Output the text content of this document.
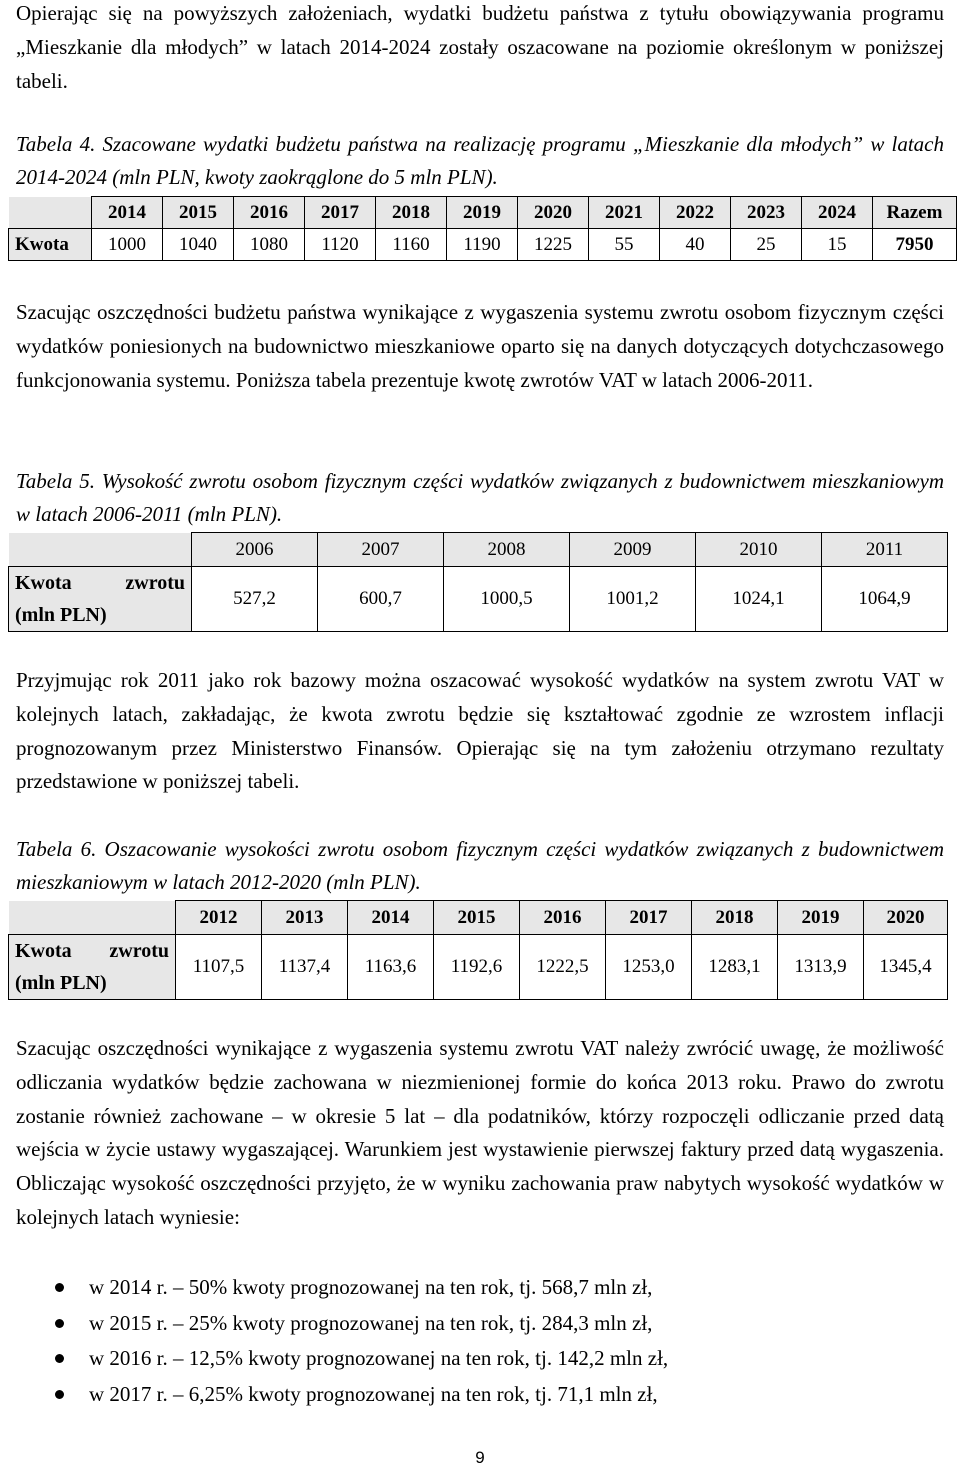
Opierając się na powyższych założeniach, wydatki budżetu państwa z tytułu obowiązywania programu „Mieszkanie dla młodych” w latach 2014-2024 zostały oszacowane na poziomie określonym w poniższej tabeli.

Tabela 4. Szacowane wydatki budżetu państwa na realizację programu „Mieszkanie dla młodych” w latach 2014-2024 (mln PLN, kwoty zaokrąglone do 5 mln PLN).

	2014	2015	2016	2017	2018	2019	2020	2021	2022	2023	2024	Razem
Kwota	1000	1040	1080	1120	1160	1190	1225	55	40	25	15	7950

Szacując oszczędności budżetu państwa wynikające z wygaszenia systemu zwrotu osobom fizycznym części wydatków poniesionych na budownictwo mieszkaniowe oparto się na danych dotyczących dotychczasowego funkcjonowania systemu. Poniższa tabela prezentuje kwotę zwrotów VAT w latach 2006-2011.

Tabela 5. Wysokość zwrotu osobom fizycznym części wydatków związanych z budownictwem mieszkaniowym w latach 2006-2011 (mln PLN).

	2006	2007	2008	2009	2010	2011

Kwota zwrotu
(mln PLN)	527,2	600,7	1000,5	1001,2	1024,1	1064,9

Przyjmując rok 2011 jako rok bazowy można oszacować wysokość wydatków na system zwrotu VAT w kolejnych latach, zakładając, że kwota zwrotu będzie się kształtować zgodnie ze wzrostem inflacji prognozowanym przez Ministerstwo Finansów. Opierając się na tym założeniu otrzymano rezultaty przedstawione w poniższej tabeli.

Tabela 6. Oszacowanie wysokości zwrotu osobom fizycznym części wydatków związanych z budownictwem mieszkaniowym w latach 2012-2020 (mln PLN).

	2012	2013	2014	2015	2016	2017	2018	2019	2020

Kwota zwrotu
(mln PLN)	1107,5	1137,4	1163,6	1192,6	1222,5	1253,0	1283,1	1313,9	1345,4

Szacując oszczędności wynikające z wygaszenia systemu zwrotu VAT należy zwrócić uwagę, że możliwość odliczania wydatków będzie zachowana w niezmienionej formie do końca 2013 roku. Prawo do zwrotu zostanie również zachowane – w okresie 5 lat – dla podatników, którzy rozpoczęli odliczanie przed datą wejścia w życie ustawy wygaszającej. Warunkiem jest wystawienie pierwszej faktury przed datą wygaszenia. Obliczając wysokość oszczędności przyjęto, że w wyniku zachowania praw nabytych wysokość wydatków w kolejnych latach wyniesie:

w 2014 r. – 50% kwoty prognozowanej na ten rok, tj. 568,7 mln zł,
w 2015 r. – 25% kwoty prognozowanej na ten rok, tj. 284,3 mln zł,
w 2016 r. – 12,5% kwoty prognozowanej na ten rok, tj. 142,2 mln zł,
w 2017 r. – 6,25% kwoty prognozowanej na ten rok, tj. 71,1 mln zł,
9
